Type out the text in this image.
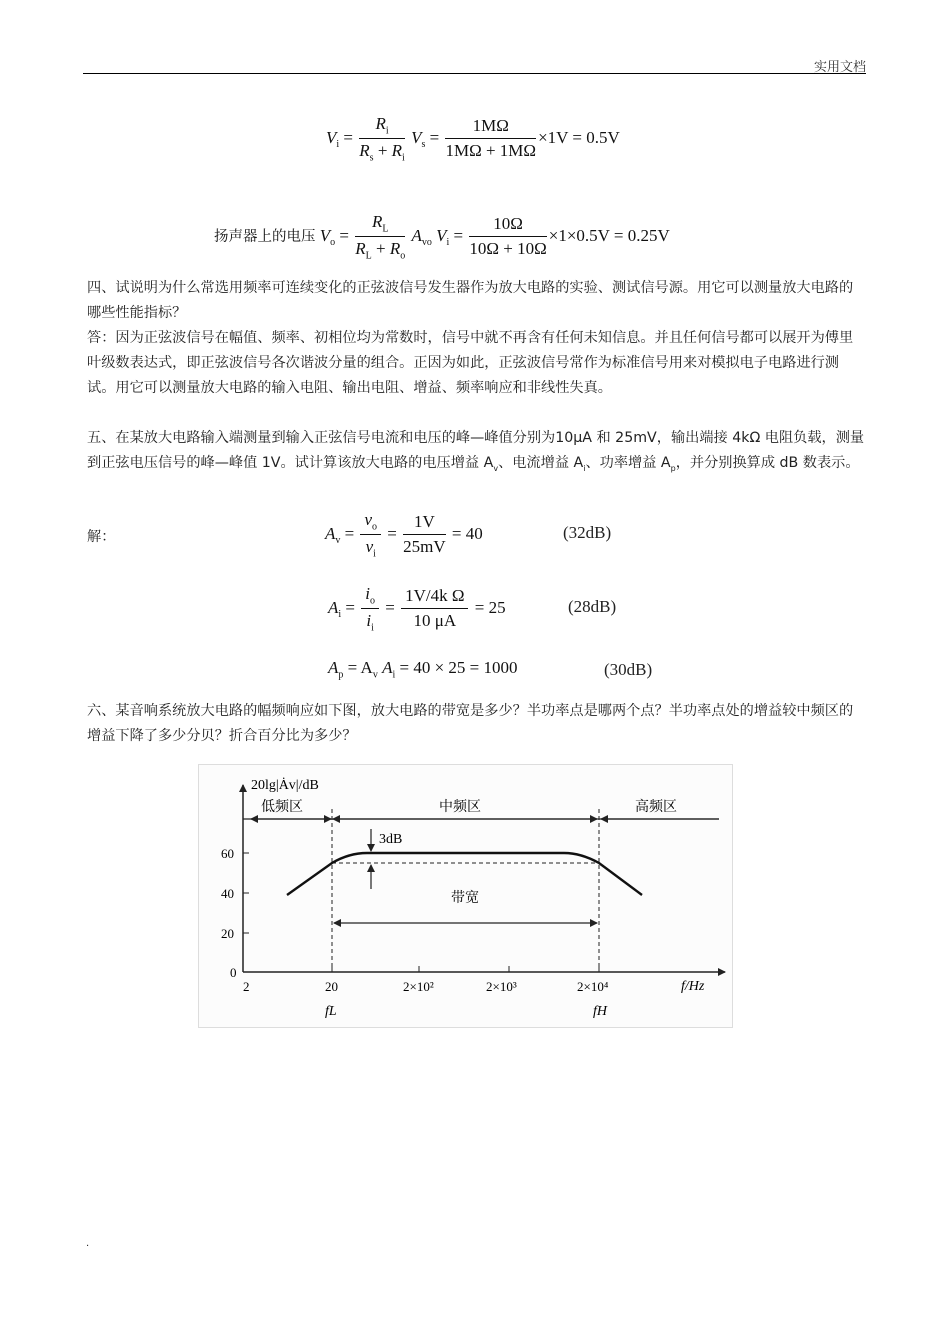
实用文档
$V_i = \frac{R_i}{R_s + R_i} V_s = \frac{1M\Omega}{1M\Omega + 1M\Omega} \times 1V = 0.5V$
扬声器上的电压 $V_o = \frac{R_L}{R_L + R_o} A_{vo}$ $V_i = \frac{10\Omega}{10\Omega + 10\Omega} \times 1\times 0.5V = 0.25V$

四、试说明为什么常选用频率可连续变化的正弦波信号发生器作为放大电路的实验、测试信号源。用它可以测量放大电路的哪些性能指标？

答：因为正弦波信号在幅值、频率、初相位均为常数时，信号中就不再含有任何未知信息。并且任何信号都可以展开为傅里叶级数表达式，即正弦波信号各次谐波分量的组合。正因为如此，正弦波信号常作为标准信号用来对模拟电子电路进行测试。用它可以测量放大电路的输入电阻、输出电阻、增益、频率响应和非线性失真。

五、在某放大电路输入端测量到输入正弦信号电流和电压的峰—峰值分别为10μA 和 25mV，输出端接 4kΩ 电阻负载，测量到正弦电压信号的峰—峰值 1V。试计算该放大电路的电压增益 $A_v$、电流增益 $A_i$、功率增益 $A_p$，并分别换算成 dB 数表示。

解：	$A_v = \frac{v_o}{v_i} = \frac{1V}{25mV} = 40$	(32dB)
$A_i = \frac{i_o}{i_i} = \frac{\text{1V/4k Ω}}{10 \mu A} = 25$	(28dB)
$A_p = A_v$ $A_i = 40 \times 25 = 1000$	(30dB)

六、某音响系统放大电路的幅频响应如下图，放大电路的带宽是多少？半功率点是哪两个点？半功率点处的增益较中频区的增益下降了多少分贝？折合百分比为多少？

20lg|Ȧv|/dB
f/Hz
低频区	中频区	高频区
60
40
20
0
2	20	2×10²	2×10³	2×10⁴
fL	fH
3dB
带宽
.
